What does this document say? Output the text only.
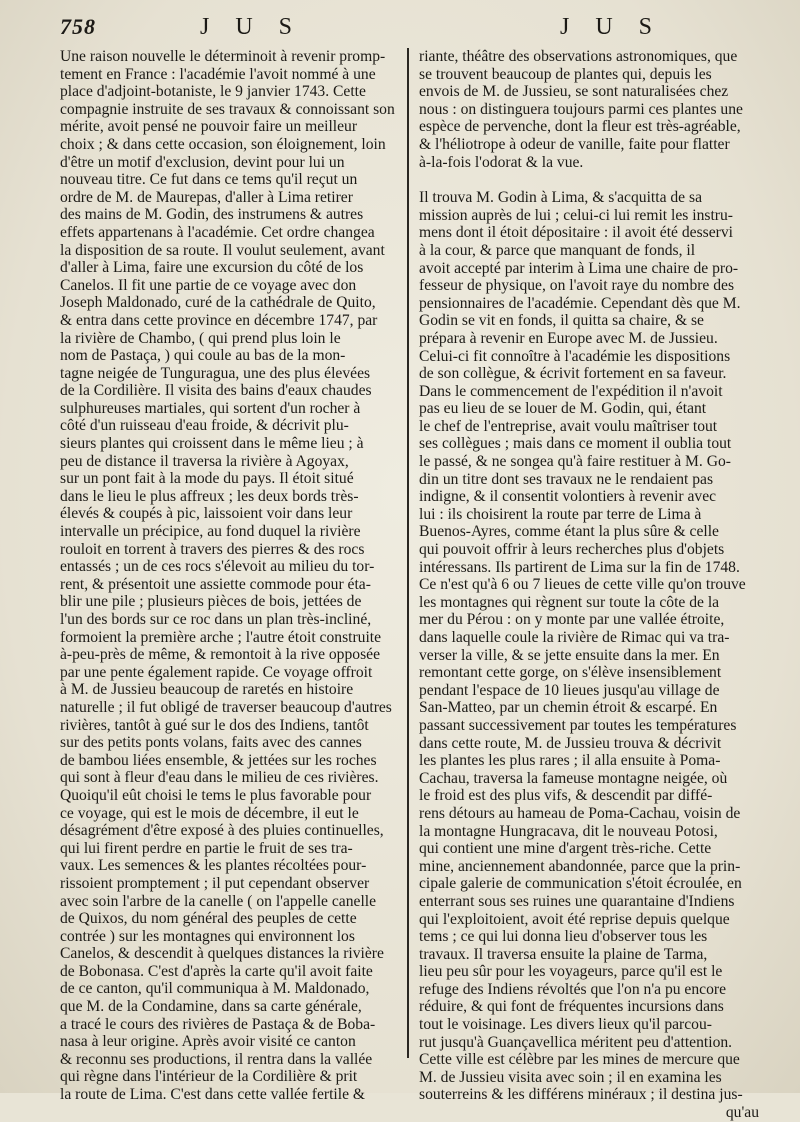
758	J U S	J U S
Une raison nouvelle le déterminoit à revenir promp-
tement en France : l'académie l'avoit nommé à une
place d'adjoint-botaniste, le 9 janvier 1743. Cette
compagnie instruite de ses travaux & connoissant son
mérite, avoit pensé ne pouvoir faire un meilleur
choix ; & dans cette occasion, son éloignement, loin
d'être un motif d'exclusion, devint pour lui un
nouveau titre. Ce fut dans ce tems qu'il reçut un
ordre de M. de Maurepas, d'aller à Lima retirer
des mains de M. Godin, des instrumens & autres
effets appartenans à l'académie. Cet ordre changea
la disposition de sa route. Il voulut seulement, avant
d'aller à Lima, faire une excursion du côté de los
Canelos. Il fit une partie de ce voyage avec don
Joseph Maldonado, curé de la cathédrale de Quito,
& entra dans cette province en décembre 1747, par
la rivière de Chambo, ( qui prend plus loin le
nom de Pastaça, ) qui coule au bas de la mon-
tagne neigée de Tunguragua, une des plus élevées
de la Cordilière. Il visita des bains d'eaux chaudes
sulphureuses martiales, qui sortent d'un rocher à
côté d'un ruisseau d'eau froide, & décrivit plu-
sieurs plantes qui croissent dans le même lieu ; à
peu de distance il traversa la rivière à Agoyax,
sur un pont fait à la mode du pays. Il étoit situé
dans le lieu le plus affreux ; les deux bords très-
élevés & coupés à pic, laissoient voir dans leur
intervalle un précipice, au fond duquel la rivière
rouloit en torrent à travers des pierres & des rocs
entassés ; un de ces rocs s'élevoit au milieu du tor-
rent, & présentoit une assiette commode pour éta-
blir une pile ; plusieurs pièces de bois, jettées de
l'un des bords sur ce roc dans un plan très-incliné,
formoient la première arche ; l'autre étoit construite
à-peu-près de même, & remontoit à la rive opposée
par une pente également rapide. Ce voyage offroit
à M. de Jussieu beaucoup de raretés en histoire
naturelle ; il fut obligé de traverser beaucoup d'autres
rivières, tantôt à gué sur le dos des Indiens, tantôt
sur des petits ponts volans, faits avec des cannes
de bambou liées ensemble, & jettées sur les roches
qui sont à fleur d'eau dans le milieu de ces rivières.
Quoiqu'il eût choisi le tems le plus favorable pour
ce voyage, qui est le mois de décembre, il eut le
désagrément d'être exposé à des pluies continuelles,
qui lui firent perdre en partie le fruit de ses tra-
vaux. Les semences & les plantes récoltées pour-
rissoient promptement ; il put cependant observer
avec soin l'arbre de la canelle ( on l'appelle canelle
de Quixos, du nom général des peuples de cette
contrée ) sur les montagnes qui environnent los
Canelos, & descendit à quelques distances la rivière
de Bobonasa. C'est d'après la carte qu'il avoit faite
de ce canton, qu'il communiqua à M. Maldonado,
que M. de la Condamine, dans sa carte générale,
a tracé le cours des rivières de Pastaça & de Boba-
nasa à leur origine. Après avoir visité ce canton
& reconnu ses productions, il rentra dans la vallée
qui règne dans l'intérieur de la Cordilière & prit
la route de Lima. C'est dans cette vallée fertile &
riante, théâtre des observations astronomiques, que
se trouvent beaucoup de plantes qui, depuis les
envois de M. de Jussieu, se sont naturalisées chez
nous : on distinguera toujours parmi ces plantes une
espèce de pervenche, dont la fleur est très-agréable,
& l'héliotrope à odeur de vanille, faite pour flatter
à-la-fois l'odorat & la vue.
Il trouva M. Godin à Lima, & s'acquitta de sa
mission auprès de lui ; celui-ci lui remit les instru-
mens dont il étoit dépositaire : il avoit été desservi
à la cour, & parce que manquant de fonds, il
avoit accepté par interim à Lima une chaire de pro-
fesseur de physique, on l'avoit raye du nombre des
pensionnaires de l'académie. Cependant dès que M.
Godin se vit en fonds, il quitta sa chaire, & se
prépara à revenir en Europe avec M. de Jussieu.
Celui-ci fit connoître à l'académie les dispositions
de son collègue, & écrivit fortement en sa faveur.
Dans le commencement de l'expédition il n'avoit
pas eu lieu de se louer de M. Godin, qui, étant
le chef de l'entreprise, avait voulu maîtriser tout
ses collègues ; mais dans ce moment il oublia tout
le passé, & ne songea qu'à faire restituer à M. Go-
din un titre dont ses travaux ne le rendaient pas
indigne, & il consentit volontiers à revenir avec
lui : ils choisirent la route par terre de Lima à
Buenos-Ayres, comme étant la plus sûre & celle
qui pouvoit offrir à leurs recherches plus d'objets
intéressans. Ils partirent de Lima sur la fin de 1748.
Ce n'est qu'à 6 ou 7 lieues de cette ville qu'on trouve
les montagnes qui règnent sur toute la côte de la
mer du Pérou : on y monte par une vallée étroite,
dans laquelle coule la rivière de Rimac qui va tra-
verser la ville, & se jette ensuite dans la mer. En
remontant cette gorge, on s'élève insensiblement
pendant l'espace de 10 lieues jusqu'au village de
San-Matteo, par un chemin étroit & escarpé. En
passant successivement par toutes les températures
dans cette route, M. de Jussieu trouva & décrivit
les plantes les plus rares ; il alla ensuite à Poma-
Cachau, traversa la fameuse montagne neigée, où
le froid est des plus vifs, & descendit par diffé-
rens détours au hameau de Poma-Cachau, voisin de
la montagne Hungracava, dit le nouveau Potosi,
qui contient une mine d'argent très-riche. Cette
mine, anciennement abandonnée, parce que la prin-
cipale galerie de communication s'étoit écroulée, en
enterrant sous ses ruines une quarantaine d'Indiens
qui l'exploitoient, avoit été reprise depuis quelque
tems ; ce qui lui donna lieu d'observer tous les
travaux. Il traversa ensuite la plaine de Tarma,
lieu peu sûr pour les voyageurs, parce qu'il est le
refuge des Indiens révoltés que l'on n'a pu encore
réduire, & qui font de fréquentes incursions dans
tout le voisinage. Les divers lieux qu'il parcou-
rut jusqu'à Guançavellica méritent peu d'attention.
Cette ville est célèbre par les mines de mercure que
M. de Jussieu visita avec soin ; il en examina les
souterreins & les différens minéraux ; il destina jus-
qu'au
